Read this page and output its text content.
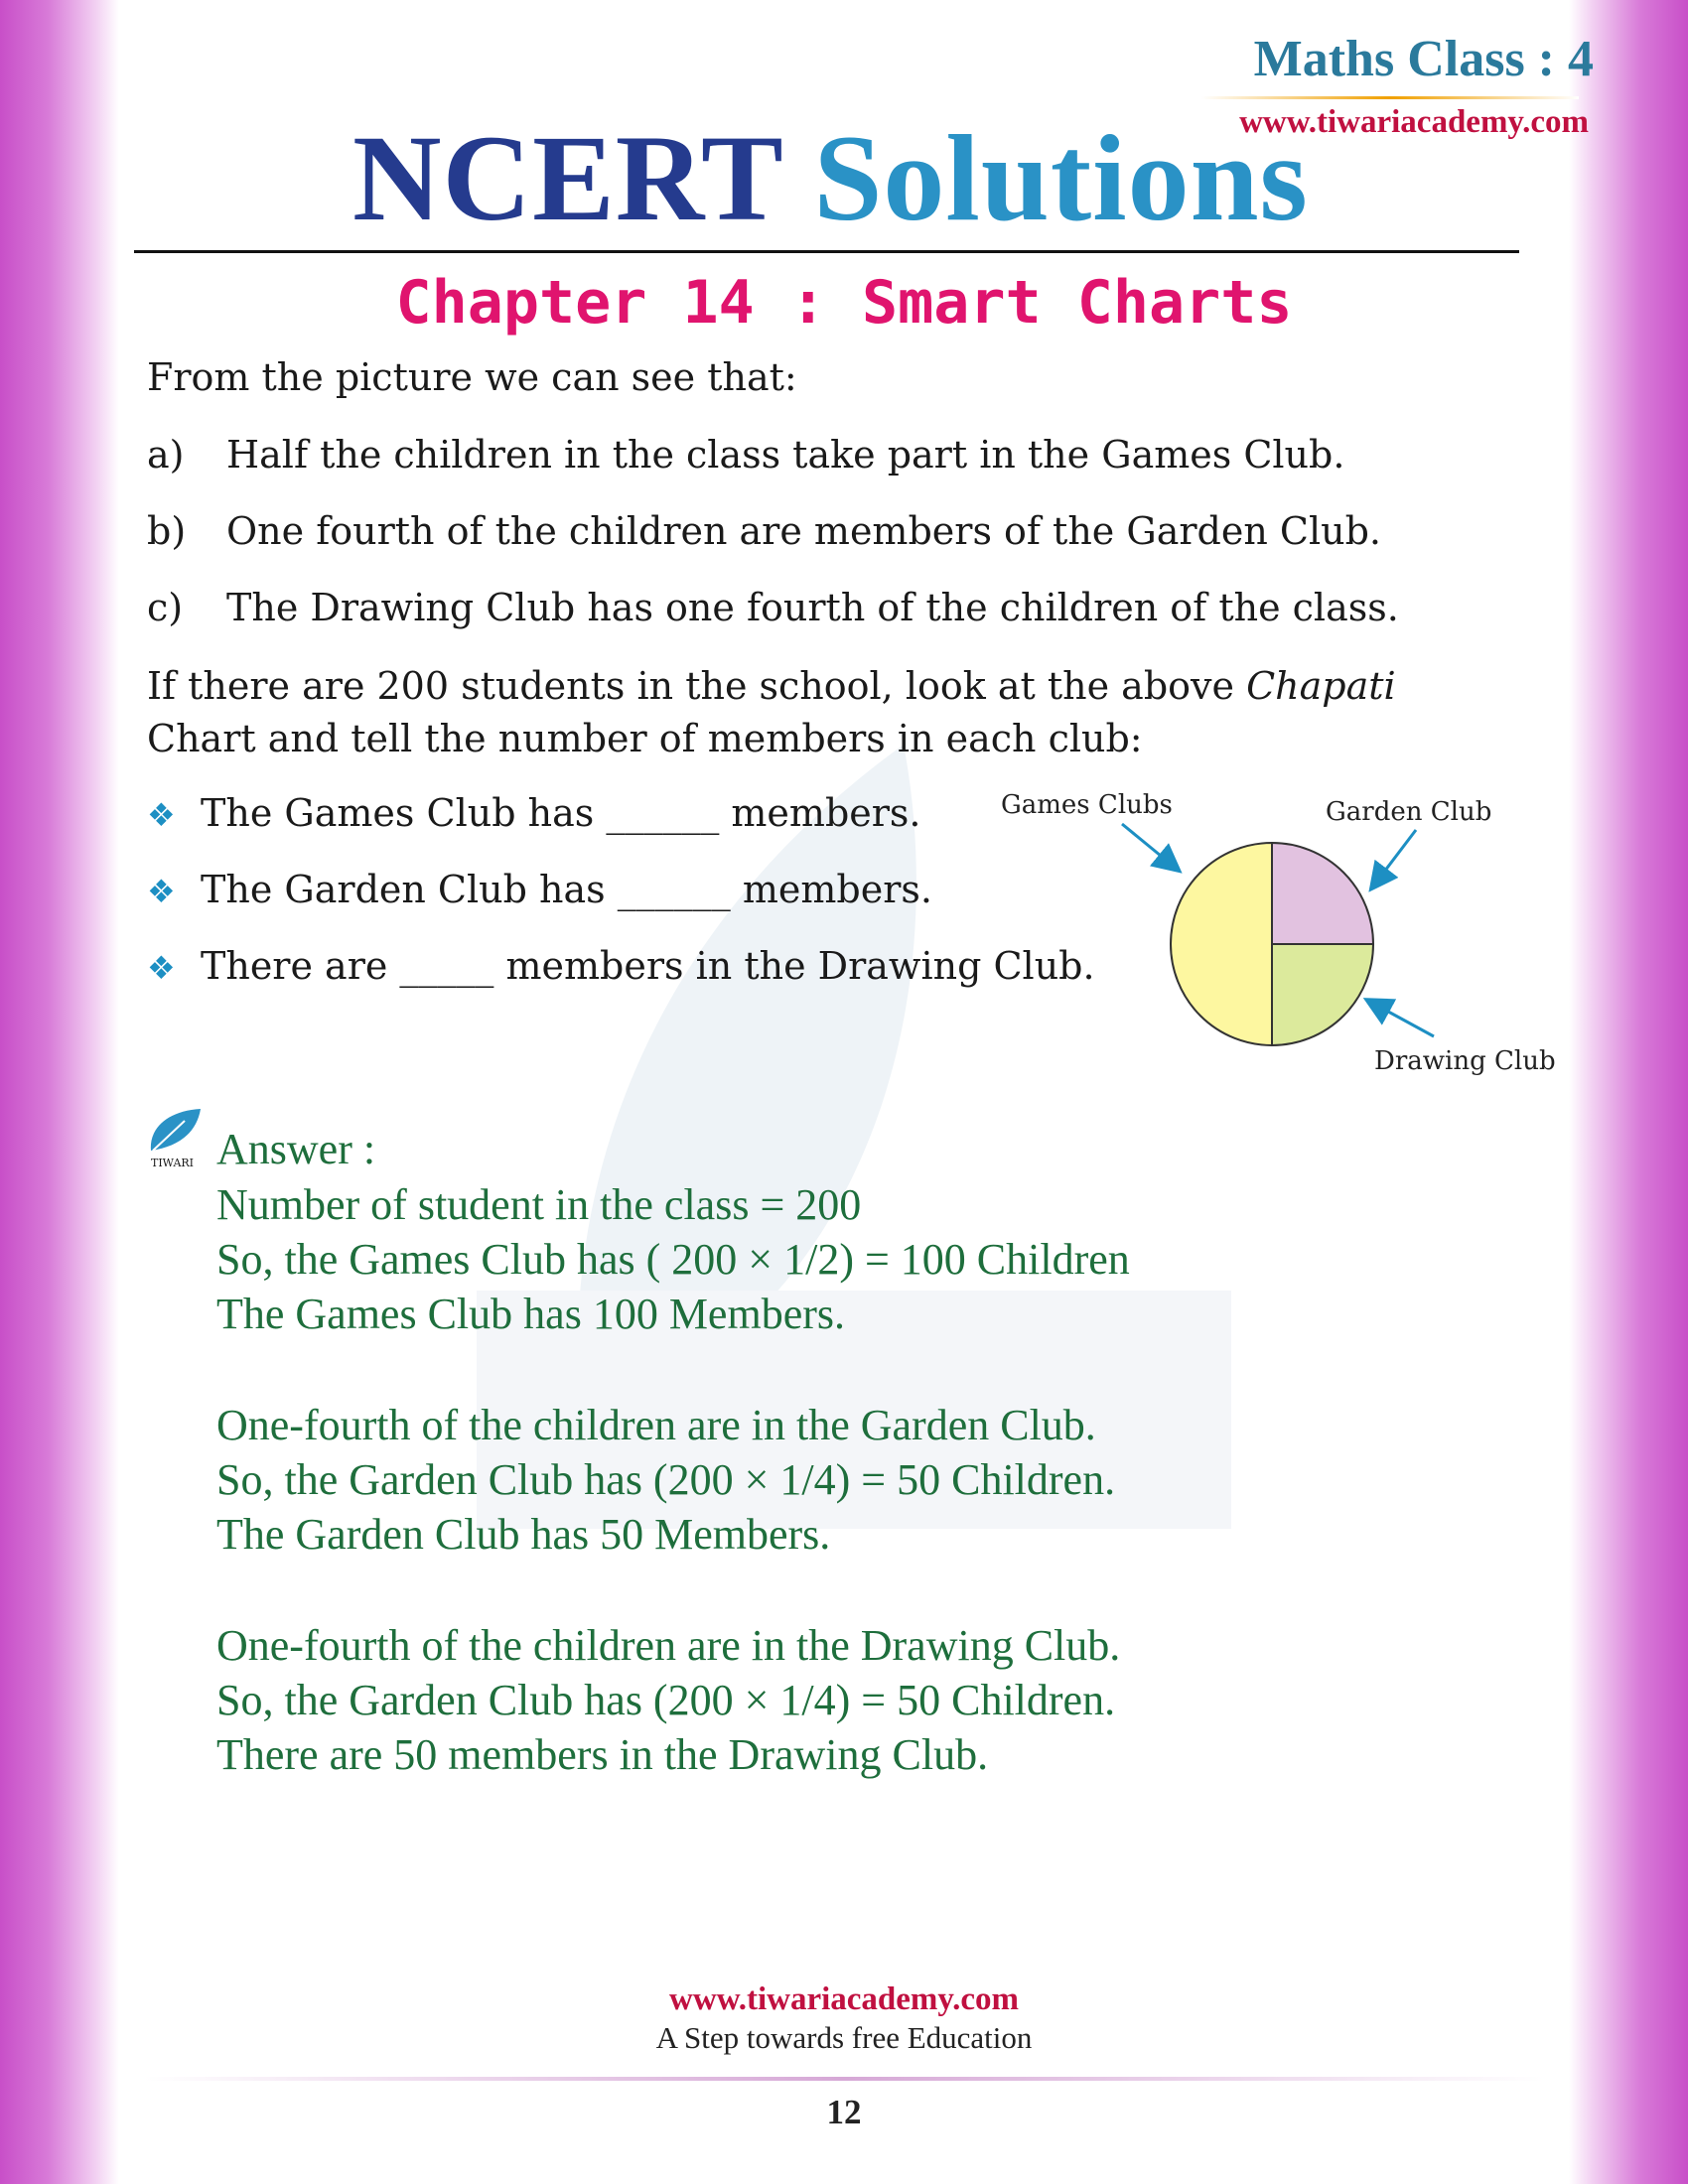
Maths Class : 4
www.tiwariacademy.com
NCERT Solutions
Chapter 14 : Smart Charts
From the picture we can see that:
a) Half the children in the class take part in the Games Club.
b) One fourth of the children are members of the Garden Club.
c) The Drawing Club has one fourth of the children of the class.
If there are 200 students in the school, look at the above Chapati
Chart and tell the number of members in each club:
❖ The Games Club has ______ members.
❖ The Garden Club has ______ members.
❖ There are _____ members in the Drawing Club.
Games Clubs	Garden Club
Drawing Club
TIWARI Answer :
Number of student in the class = 200
So, the Games Club has ( 200 × 1/2) = 100 Children
The Games Club has 100 Members.
One-fourth of the children are in the Garden Club.
So, the Garden Club has (200 × 1/4) = 50 Children.
The Garden Club has 50 Members.
One-fourth of the children are in the Drawing Club.
So, the Garden Club has (200 × 1/4) = 50 Children.
There are 50 members in the Drawing Club.
www.tiwariacademy.com
A Step towards free Education
12
